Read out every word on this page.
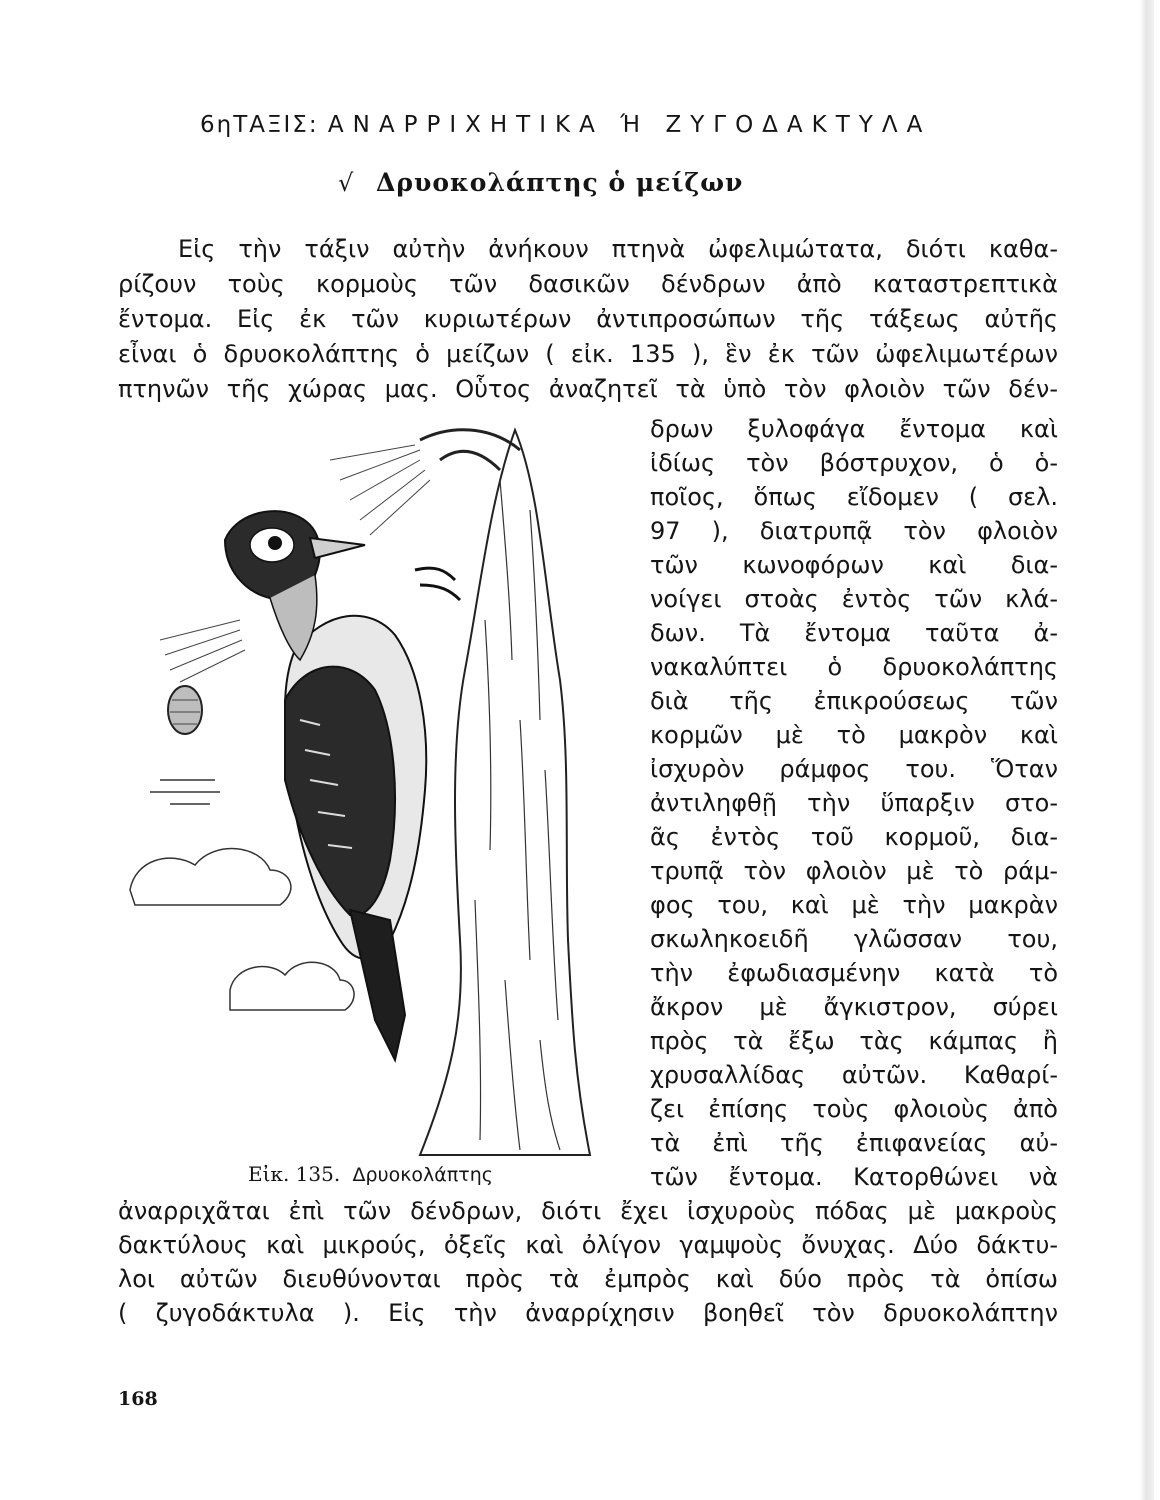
6ηΤΑΞΙΣ: ΑΝΑΡΡΙΧΗΤΙΚΑ Ή ΖΥΓΟΔΑΚΤΥΛΑ
√ Δρυοκολάπτης ὁ μείζων
Εἰς τὴν τάξιν αὐτὴν ἀνήκουν πτηνὰ ὠφελιμώτατα, διότι καθα-
ρίζουν τοὺς κορμοὺς τῶν δασικῶν δένδρων ἀπὸ καταστρεπτικὰ
ἔντομα. Εἰς ἐκ τῶν κυριωτέρων ἀντιπροσώπων τῆς τάξεως αὐτῆς
εἶναι ὁ δρυοκολάπτης ὁ μείζων ( εἰκ. 135 ), ἓν ἐκ τῶν ὠφελιμωτέρων
πτηνῶν τῆς χώρας μας. Οὗτος ἀναζητεῖ τὰ ὑπὸ τὸν φλοιὸν τῶν δέν-
δρων ξυλοφάγα ἔντομα καὶ
ἰδίως τὸν βόστρυχον, ὁ ὁ-
ποῖος, ὅπως εἴδομεν ( σελ.
97 ), διατρυπᾷ τὸν φλοιὸν
τῶν κωνοφόρων καὶ δια-
νοίγει στοὰς ἐντὸς τῶν κλά-
δων. Τὰ ἔντομα ταῦτα ἀ-
νακαλύπτει ὁ δρυοκολάπτης
διὰ τῆς ἐπικρούσεως τῶν
κορμῶν μὲ τὸ μακρὸν καὶ
ἰσχυρὸν ράμφος του. Ὅταν
ἀντιληφθῇ τὴν ὕπαρξιν στο-
ᾶς ἐντὸς τοῦ κορμοῦ, δια-
τρυπᾷ τὸν φλοιὸν μὲ τὸ ράμ-
φος του, καὶ μὲ τὴν μακρὰν
σκωληκοειδῆ γλῶσσαν του,
τὴν ἐφωδιασμένην κατὰ τὸ
ἄκρον μὲ ἄγκιστρον, σύρει
πρὸς τὰ ἔξω τὰς κάμπας ἢ
χρυσαλλίδας αὐτῶν. Καθαρί-
ζει ἐπίσης τοὺς φλοιοὺς ἀπὸ
τὰ ἐπὶ τῆς ἐπιφανείας αὐ-
τῶν ἔντομα. Κατορθώνει νὰ
ἀναρριχᾶται ἐπὶ τῶν δένδρων, διότι ἔχει ἰσχυροὺς πόδας μὲ μακροὺς
δακτύλους καὶ μικρούς, ὀξεῖς καὶ ὀλίγον γαμψοὺς ὄνυχας. Δύο δάκτυ-
λοι αὐτῶν διευθύνονται πρὸς τὰ ἐμπρὸς καὶ δύο πρὸς τὰ ὀπίσω
( ζυγοδάκτυλα ). Εἰς τὴν ἀναρρίχησιν βοηθεῖ τὸν δρυοκολάπτην
Εἰκ. 135. Δρυοκολάπτης
168
